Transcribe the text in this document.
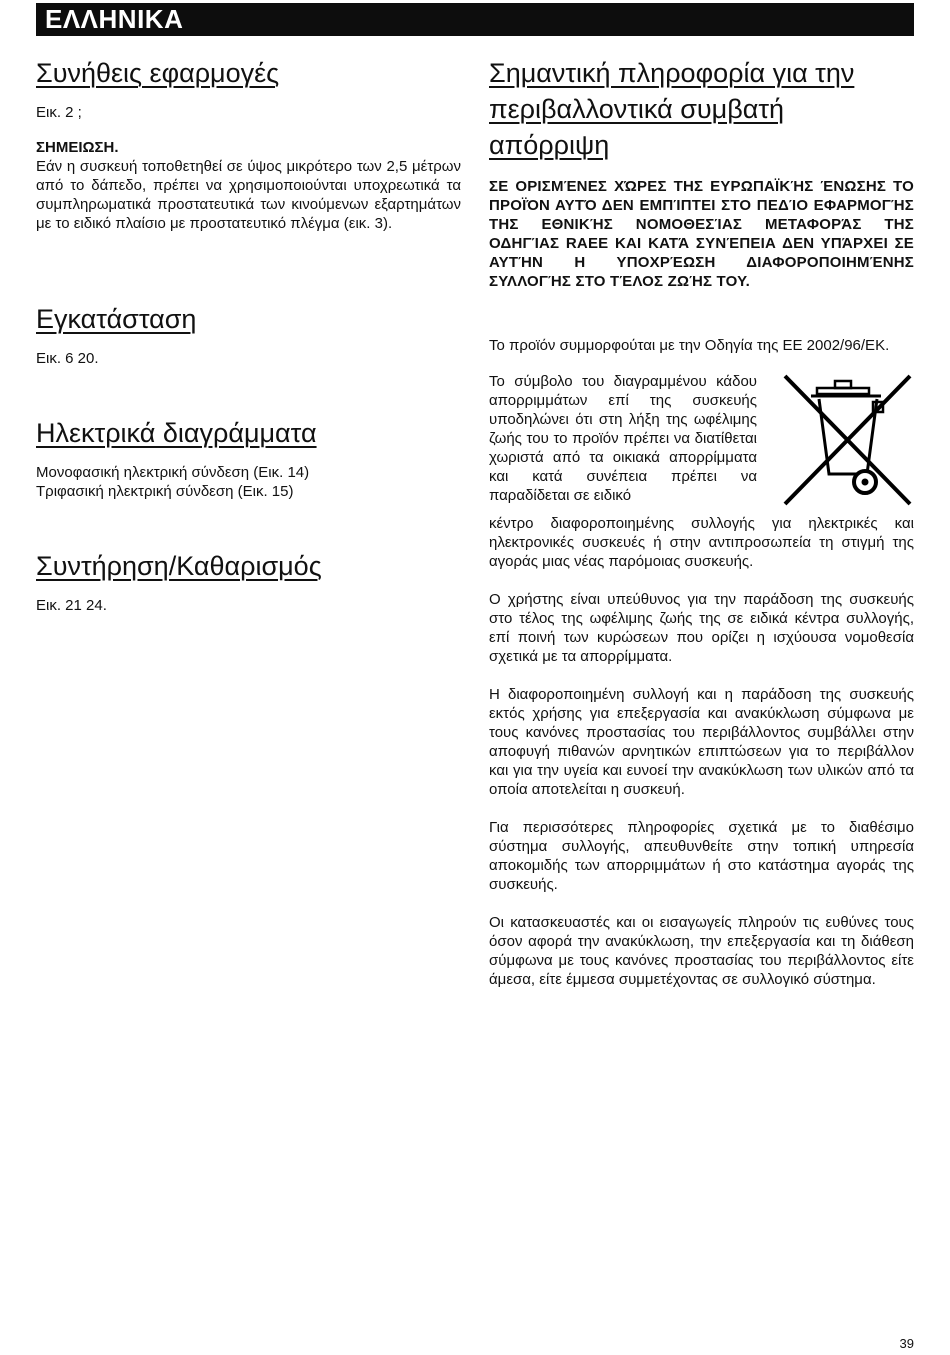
ΕΛΛΗΝΙΚΑ
Συνήθεις εφαρμογές

Εικ. 2 ;

ΣΗΜΕΙΩΣΗ.

Εάν η συσκευή τοποθετηθεί σε ύψος μικρότερο των 2,5 μέτρων από το δάπεδο, πρέπει να χρησιμοποιούνται υποχρεωτικά τα συμπληρωματικά προστατευτικά των κινούμενων εξαρτημάτων με το ειδικό πλαίσιο με προστατευτικό πλέγμα (εικ. 3).

Εγκατάσταση

Εικ. 6 20.

Ηλεκτρικά διαγράμματα

Μονοφασική ηλεκτρική σύνδεση (Εικ. 14)

Τριφασική ηλεκτρική σύνδεση (Εικ. 15)

Συντήρηση/Καθαρισμός

Εικ. 21 24.

Σημαντική πληροφορία για την
περιβαλλοντικά συμβατή
απόρριψη

ΣΕ ΟΡΙΣΜΈΝΕΣ ΧΏΡΕΣ ΤΗΣ ΕΥΡΩΠΑΪΚΉΣ ΈΝΩΣΗΣ ΤΟ ΠΡΟΪΌΝ ΑΥΤΌ ΔΕΝ ΕΜΠΊΠΤΕΙ ΣΤΟ ΠΕΔΊΟ ΕΦΑΡΜΟΓΉΣ ΤΗΣ ΕΘΝΙΚΉΣ ΝΟΜΟΘΕΣΊΑΣ ΜΕΤΑΦΟΡΆΣ ΤΗΣ ΟΔΗΓΊΑΣ RAEE ΚΑΙ ΚΑΤΆ ΣΥΝΈΠΕΙΑ ΔΕΝ ΥΠΆΡΧΕΙ ΣΕ ΑΥΤΉΝ Η ΥΠΟΧΡΈΩΣΗ ΔΙΑΦΟΡΟΠΟΙΗΜΈΝΗΣ ΣΥΛΛΟΓΉΣ ΣΤΟ ΤΈΛΟΣ ΖΩΉΣ ΤΟΥ.

Το προϊόν συμμορφούται με την Οδηγία της ΕΕ 2002/96/ΕΚ.

Το σύμβολο του διαγραμμένου κάδου απορριμμάτων επί της συσκευής υποδηλώνει ότι στη λήξη της ωφέλιμης ζωής του το προϊόν πρέπει να διατίθεται χωριστά από τα οικιακά απορρίμματα και κατά συνέπεια πρέπει να παραδίδεται σε ειδικό

κέντρο διαφοροποιημένης συλλογής για ηλεκτρικές και ηλεκτρονικές συσκευές ή στην αντιπροσωπεία τη στιγμή της αγοράς μιας νέας παρόμοιας συσκευής.

Ο χρήστης είναι υπεύθυνος για την παράδοση της συσκευής στο τέλος της ωφέλιμης ζωής της σε ειδικά κέντρα συλλογής, επί ποινή των κυρώσεων που ορίζει η ισχύουσα νομοθεσία σχετικά με τα απορρίμματα.

Η διαφοροποιημένη συλλογή και η παράδοση της συσκευής εκτός χρήσης για επεξεργασία και ανακύκλωση σύμφωνα με τους κανόνες προστασίας του περιβάλλοντος συμβάλλει στην αποφυγή πιθανών αρνητικών επιπτώσεων για το περιβάλλον και για την υγεία και ευνοεί την ανακύκλωση των υλικών από τα οποία αποτελείται η συσκευή.

Για περισσότερες πληροφορίες σχετικά με το διαθέσιμο σύστημα συλλογής, απευθυνθείτε στην τοπική υπηρεσία αποκομιδής των απορριμμάτων ή στο κατάστημα αγοράς της συσκευής.

Οι κατασκευαστές και οι εισαγωγείς πληρούν τις ευθύνες τους όσον αφορά την ανακύκλωση, την επεξεργασία και τη διάθεση σύμφωνα με τους κανόνες προστασίας του περιβάλλοντος είτε άμεσα, είτε έμμεσα συμμετέχοντας σε συλλογικό σύστημα.

39
